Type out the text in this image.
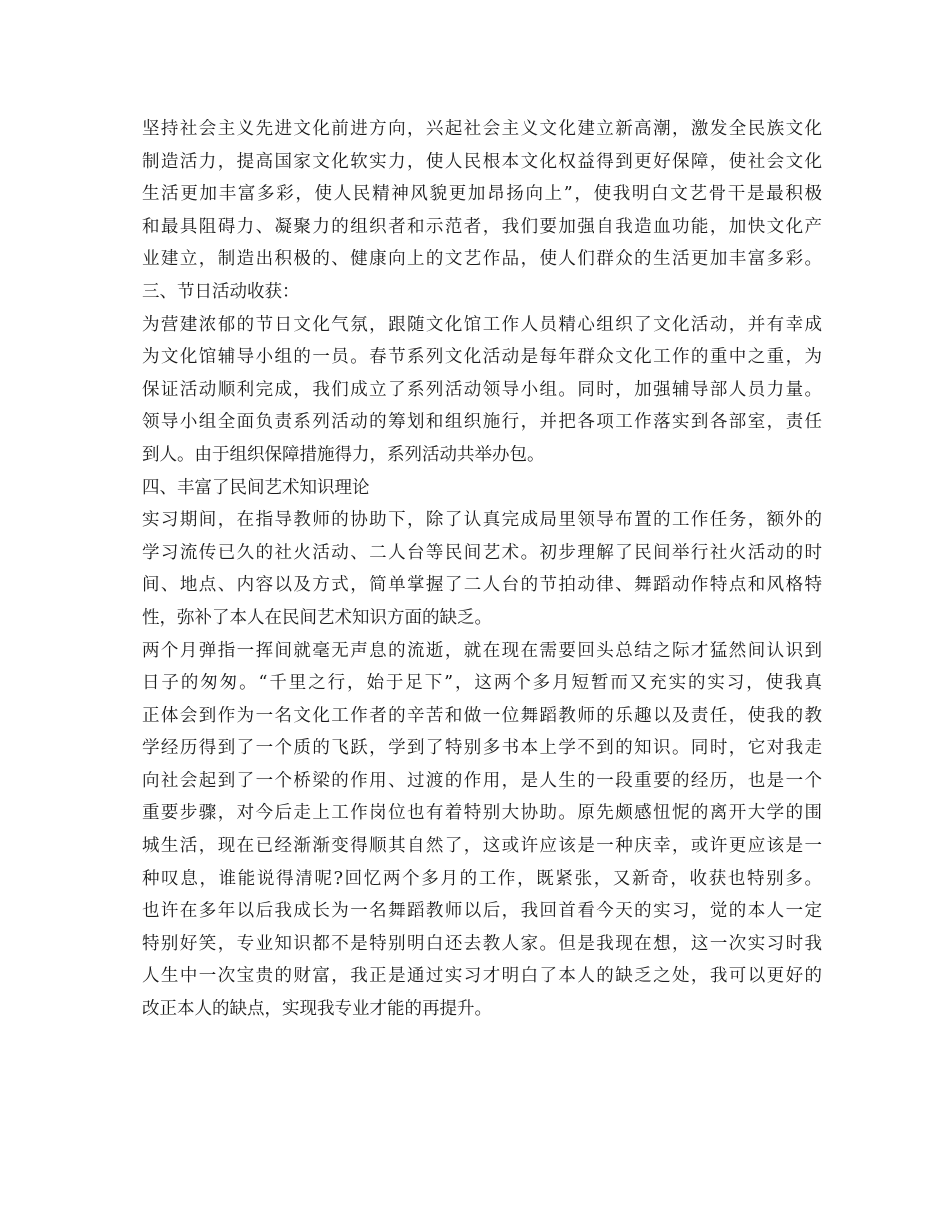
坚持社会主义先进文化前进方向，兴起社会主义文化建立新高潮，激发全民族文化
制造活力，提高国家文化软实力，使人民根本文化权益得到更好保障，使社会文化
生活更加丰富多彩，使人民精神风貌更加昂扬向上”，使我明白文艺骨干是最积极
和最具阻碍力、凝聚力的组织者和示范者，我们要加强自我造血功能，加快文化产
业建立，制造出积极的、健康向上的文艺作品，使人们群众的生活更加丰富多彩。
三、节日活动收获：
为营建浓郁的节日文化气氛，跟随文化馆工作人员精心组织了文化活动，并有幸成
为文化馆辅导小组的一员。春节系列文化活动是每年群众文化工作的重中之重，为
保证活动顺利完成，我们成立了系列活动领导小组。同时，加强辅导部人员力量。
领导小组全面负责系列活动的筹划和组织施行，并把各项工作落实到各部室，责任
到人。由于组织保障措施得力，系列活动共举办包。
四、丰富了民间艺术知识理论
实习期间，在指导教师的协助下，除了认真完成局里领导布置的工作任务，额外的
学习流传已久的社火活动、二人台等民间艺术。初步理解了民间举行社火活动的时
间、地点、内容以及方式，简单掌握了二人台的节拍动律、舞蹈动作特点和风格特
性，弥补了本人在民间艺术知识方面的缺乏。
两个月弹指一挥间就毫无声息的流逝，就在现在需要回头总结之际才猛然间认识到
日子的匆匆。“千里之行，始于足下”，这两个多月短暂而又充实的实习，使我真
正体会到作为一名文化工作者的辛苦和做一位舞蹈教师的乐趣以及责任，使我的教
学经历得到了一个质的飞跃，学到了特别多书本上学不到的知识。同时，它对我走
向社会起到了一个桥梁的作用、过渡的作用，是人生的一段重要的经历，也是一个
重要步骤，对今后走上工作岗位也有着特别大协助。原先颇感忸怩的离开大学的围
城生活，现在已经渐渐变得顺其自然了，这或许应该是一种庆幸，或许更应该是一
种叹息，谁能说得清呢?回忆两个多月的工作，既紧张，又新奇，收获也特别多。
也许在多年以后我成长为一名舞蹈教师以后，我回首看今天的实习，觉的本人一定
特别好笑，专业知识都不是特别明白还去教人家。但是我现在想，这一次实习时我
人生中一次宝贵的财富，我正是通过实习才明白了本人的缺乏之处，我可以更好的
改正本人的缺点，实现我专业才能的再提升。
